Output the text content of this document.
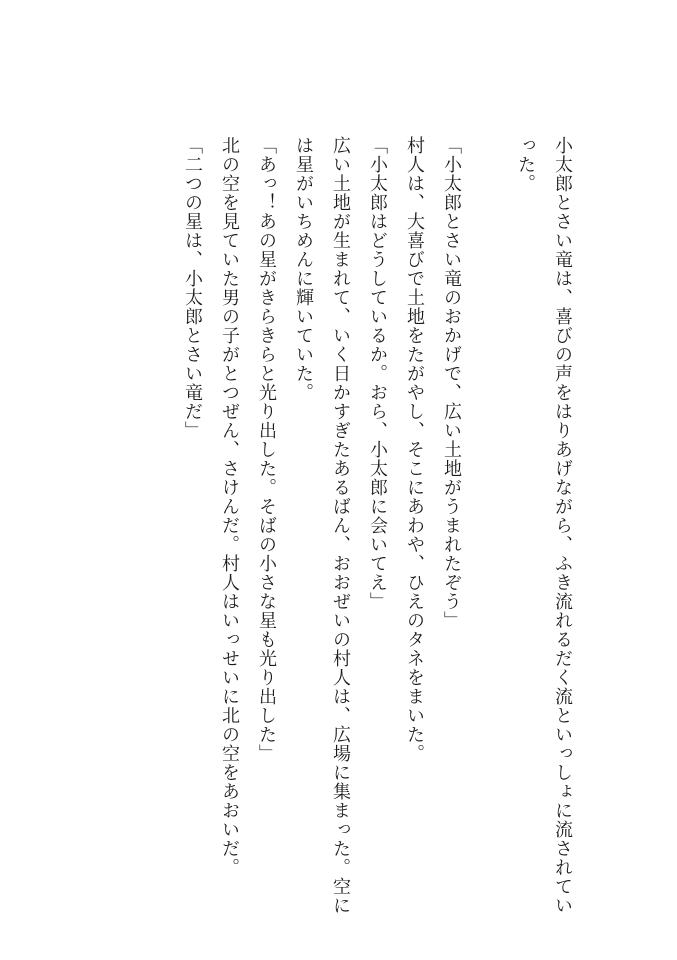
小太郎とさい竜は、喜びの声をはりあげながら、ふき流れるだく流といっしょに流されていった。

「小太郎とさい竜のおかげで、広い土地がうまれたぞう」

村人は、大喜びで土地をたがやし、そこにあわや、ひえのタネをまいた。

「小太郎はどうしているか。おら、小太郎に会いてえ」

広い土地が生まれて、いく日かすぎたあるばん、おおぜいの村人は、広場に集まった。空には星がいちめんに輝いていた。

「あっ！あの星がきらきらと光り出した。そばの小さな星も光り出した」

北の空を見ていた男の子がとつぜん、さけんだ。村人はいっせいに北の空をあおいだ。

「二つの星は、小太郎とさい竜だ」
